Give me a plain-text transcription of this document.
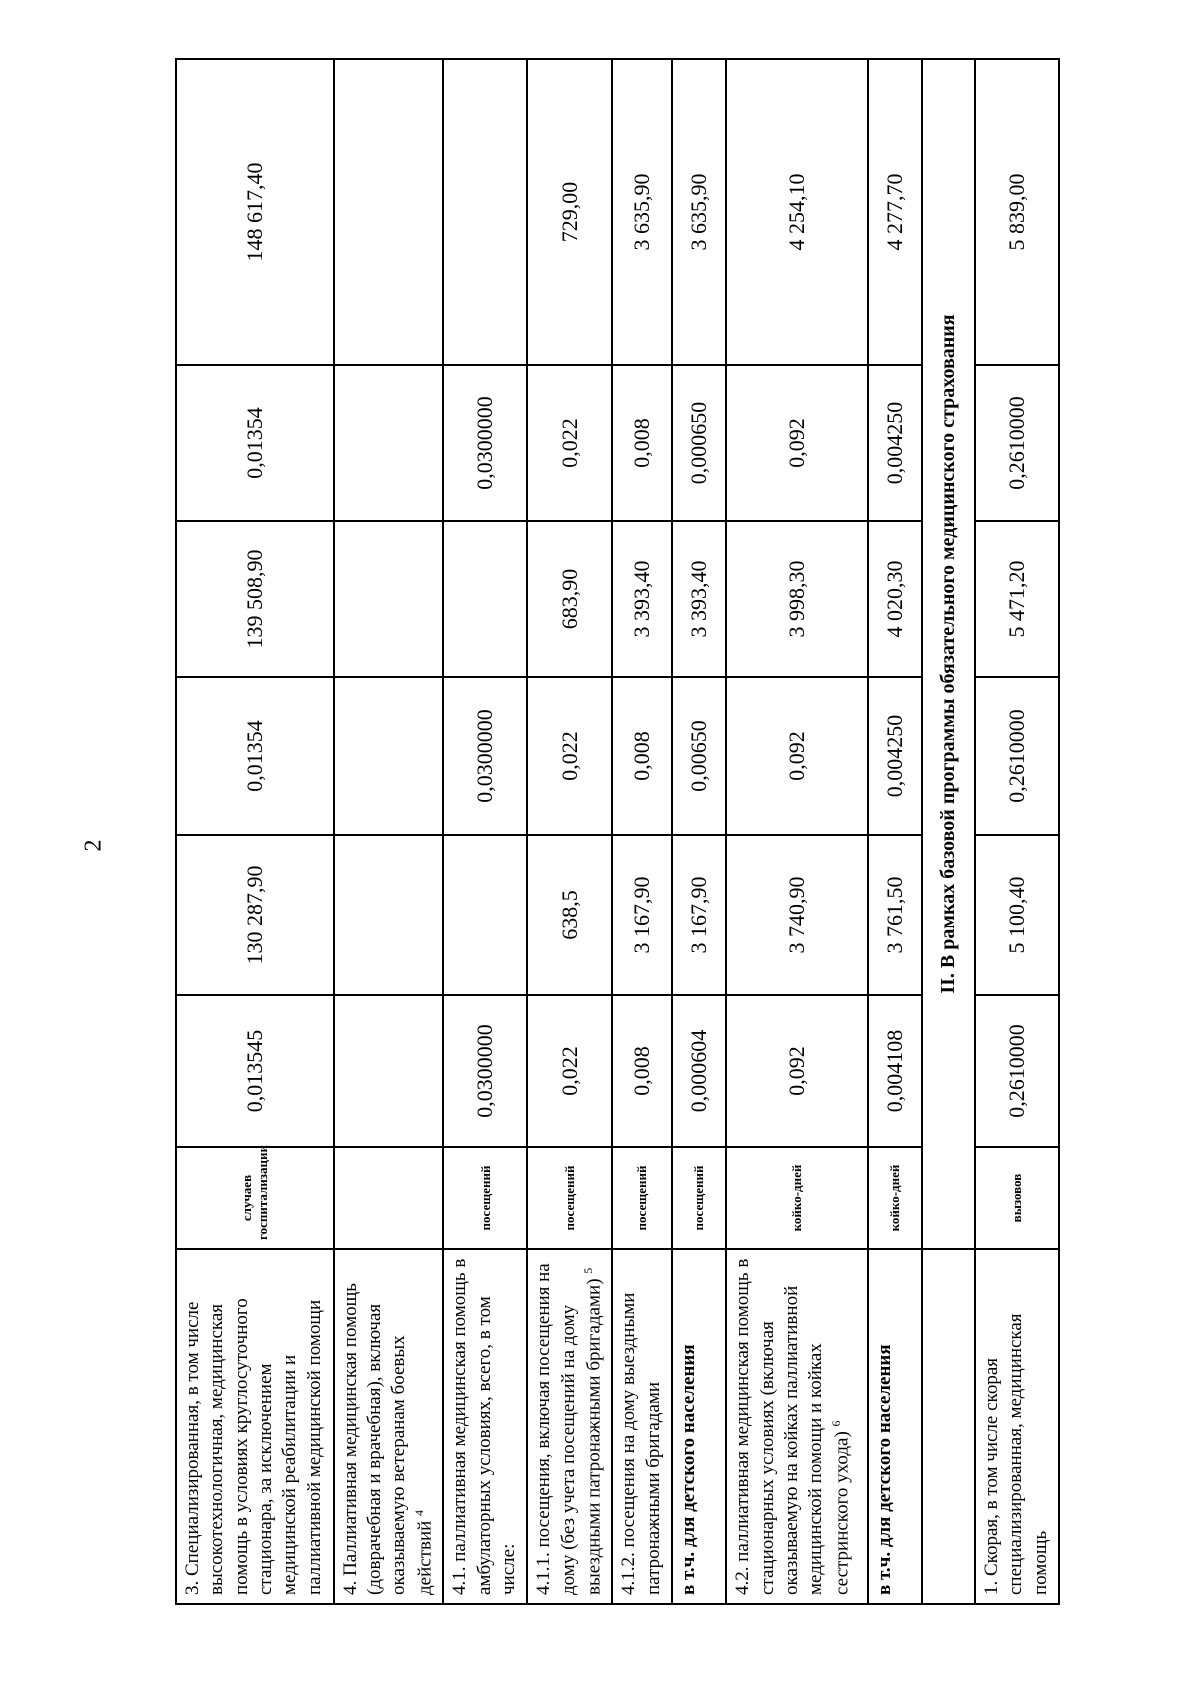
2
3. Специализированная, в том числе высокотехнологичная, медицинская помощь в условиях круглосуточного стационара, за исключением медицинской реабилитации и паллиативной медицинской помощи	случаев госпитализации	0,013545	130 287,90	0,01354	139 508,90	0,01354	148 617,40
4. Паллиативная медицинская помощь (доврачебная и врачебная), включая оказываемую ветеранам боевых действий $^4$							
4.1. паллиативная медицинская помощь в амбулаторных условиях, всего, в том числе:	посещений	0,0300000		0,0300000		0,0300000	
4.1.1. посещения, включая посещения на дому (без учета посещений на дому выездными патронажными бригадами) $^5$	посещений	0,022	638,5	0,022	683,90	0,022	729,00
4.1.2. посещения на дому выездными патронажными бригадами	посещений	0,008	3 167,90	0,008	3 393,40	0,008	3 635,90
в т.ч. для детского населения	посещений	0,000604	3 167,90	0,00650	3 393,40	0,000650	3 635,90
4.2. паллиативная медицинская помощь в стационарных условиях (включая оказываемую на койках паллиативной медицинской помощи и койках сестринского ухода) $^6$	койко-дней	0,092	3 740,90	0,092	3 998,30	0,092	4 254,10
в т.ч. для детского населения	койко-дней	0,004108	3 761,50	0,004250	4 020,30	0,004250	4 277,70
	II. В рамках базовой программы обязательного медицинского страхования						
1. Скорая, в том числе скорая специализированная, медицинская помощь	вызовов	0,2610000	5 100,40	0,2610000	5 471,20	0,2610000	5 839,00
